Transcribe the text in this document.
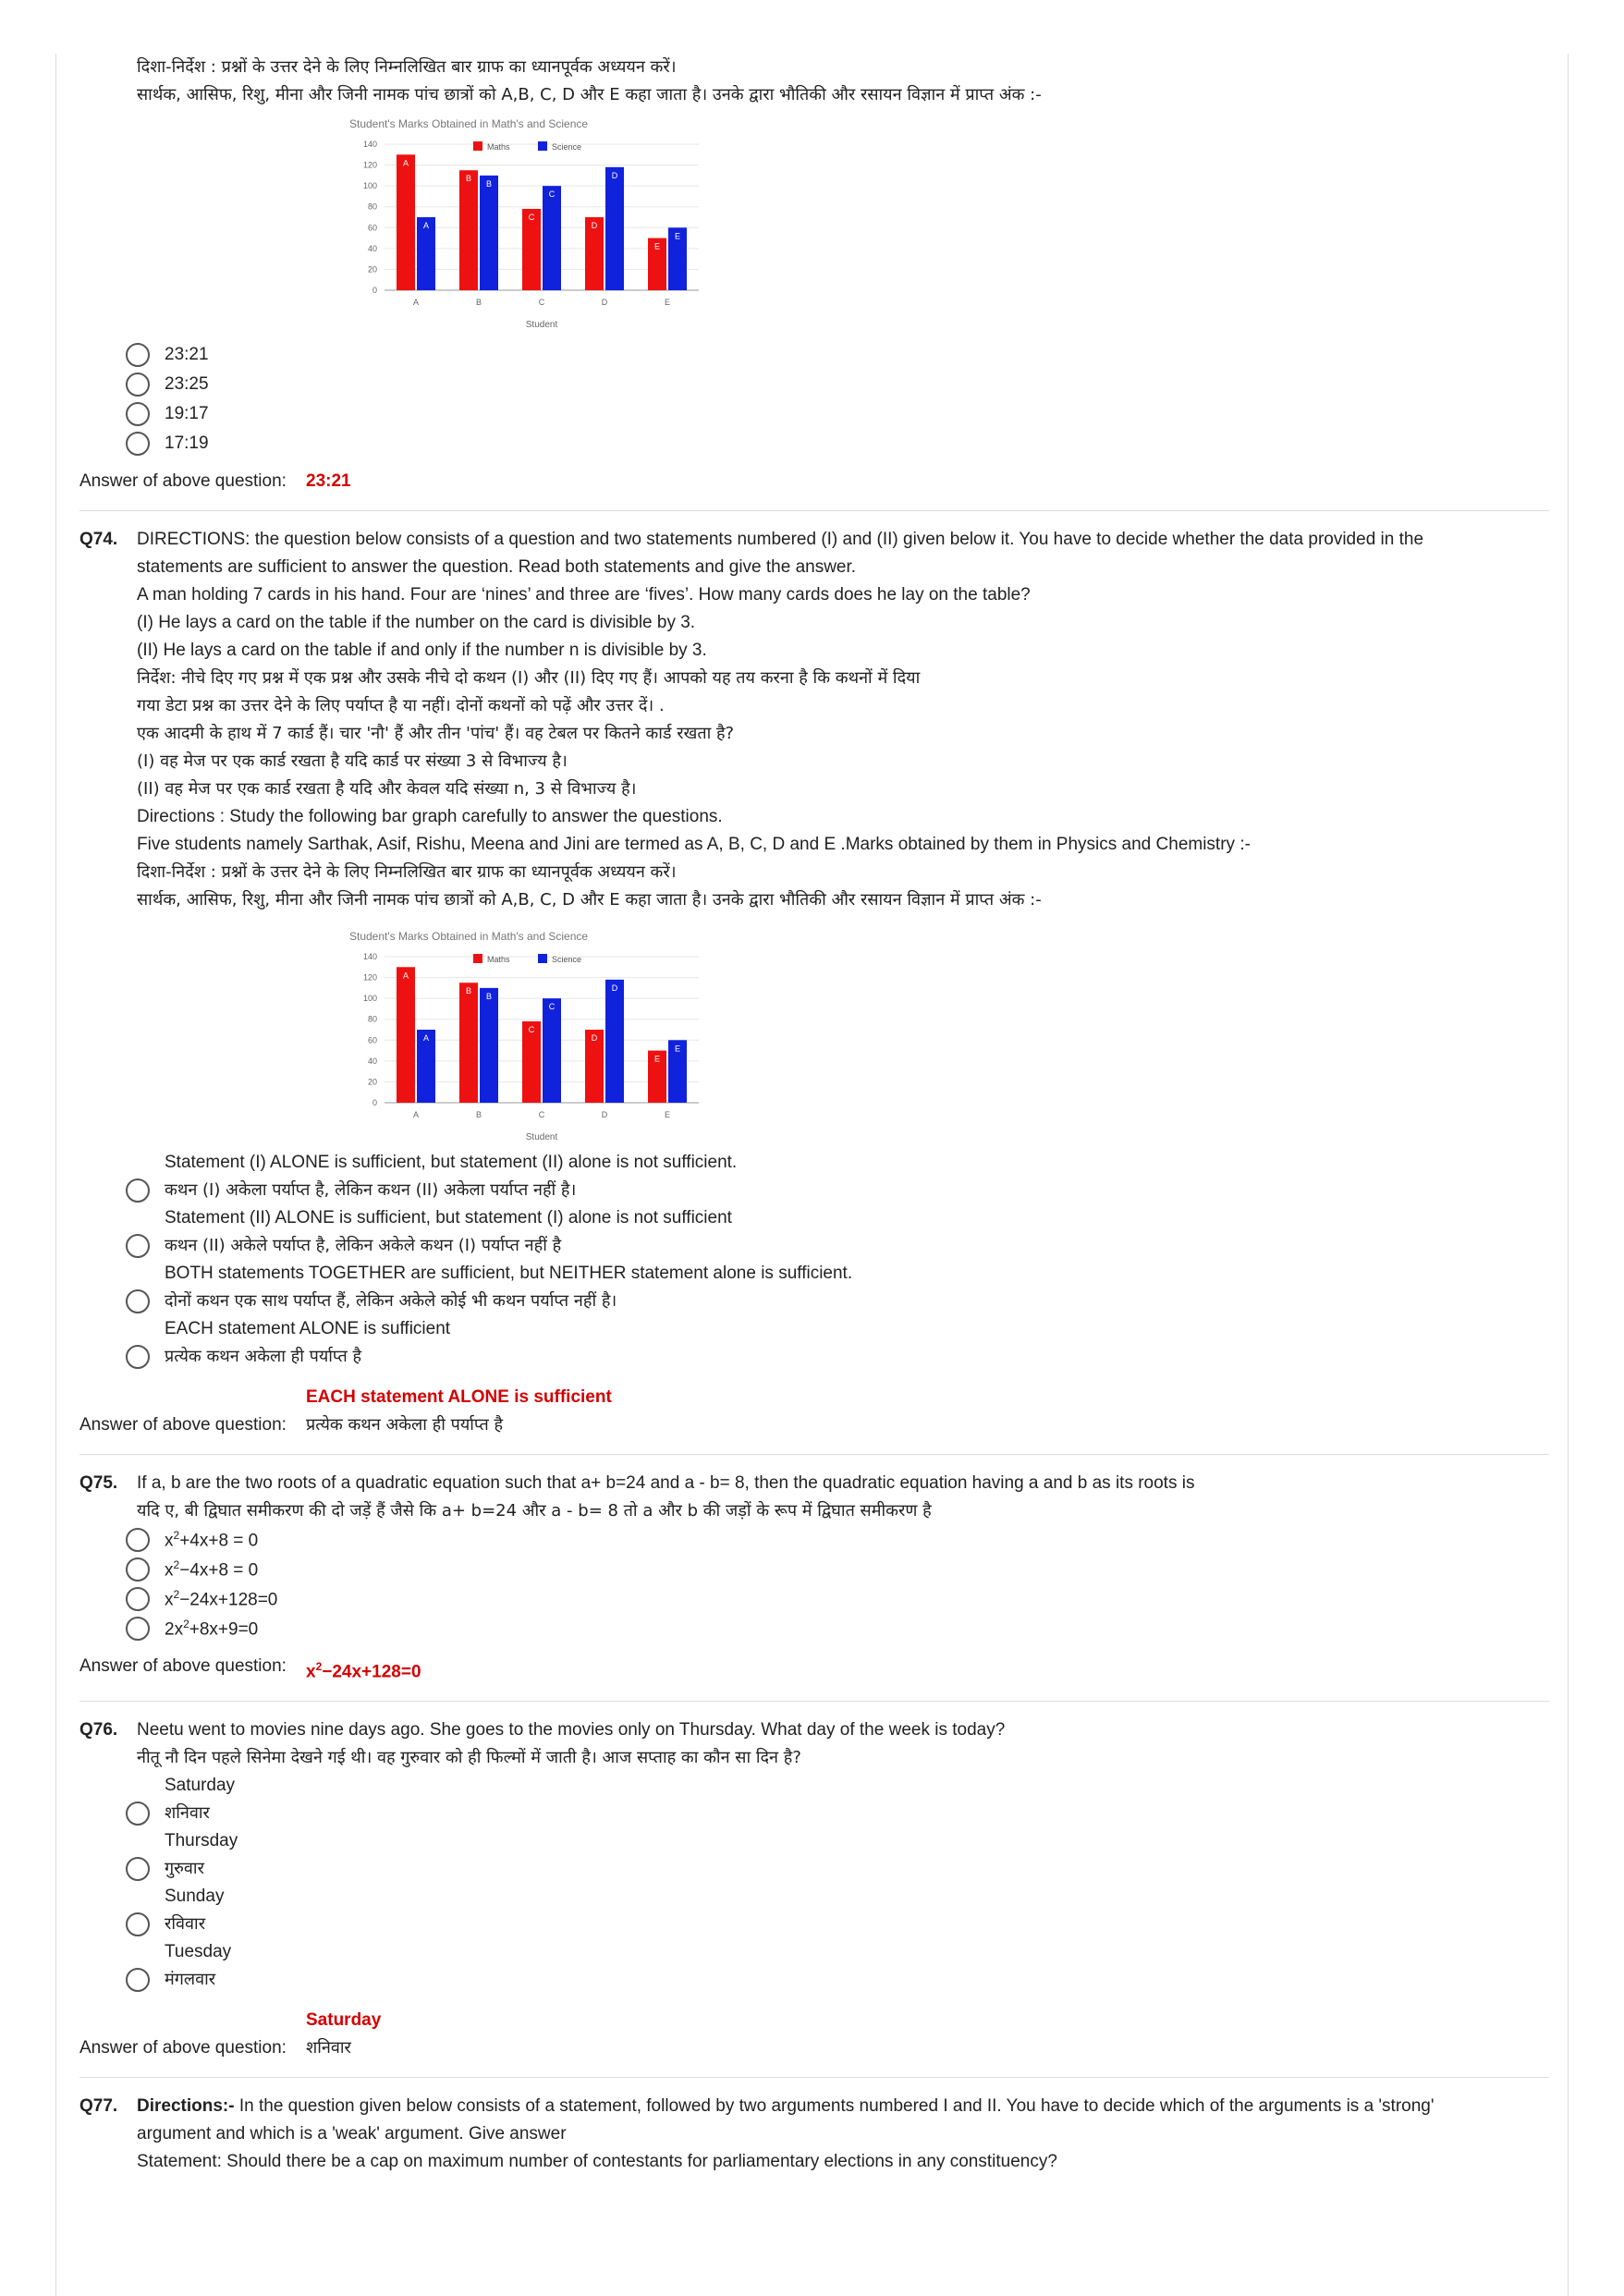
दिशा-निर्देश : प्रश्नों के उत्तर देने के लिए निम्नलिखित बार ग्राफ का ध्यानपूर्वक अध्ययन करें।
सार्थक, आसिफ, रिशु, मीना और जिनी नामक पांच छात्रों को A,B, C, D और E कहा जाता है। उनके द्वारा भौतिकी और रसायन विज्ञान में प्राप्त अंक :-
Student's Marks Obtained in Math's and Science
140
120
100
80
60
40
20
0
Maths	Science
A
A
A
B
B
B
C
C
C
D
D
D
E
E
E
Student
23:21
23:25
19:17
17:19
Answer of above question:	23:21
Q74.	DIRECTIONS: the question below consists of a question and two statements numbered (I) and (II) given below it. You have to decide whether the data provided in the
statements are sufficient to answer the question. Read both statements and give the answer.
A man holding 7 cards in his hand. Four are ‘nines’ and three are ‘fives’. How many cards does he lay on the table?
(I) He lays a card on the table if the number on the card is divisible by 3.
(II) He lays a card on the table if and only if the number n is divisible by 3.
निर्देश: नीचे दिए गए प्रश्न में एक प्रश्न और उसके नीचे दो कथन (I) और (II) दिए गए हैं। आपको यह तय करना है कि कथनों में दिया
गया डेटा प्रश्न का उत्तर देने के लिए पर्याप्त है या नहीं। दोनों कथनों को पढ़ें और उत्तर दें। .
एक आदमी के हाथ में 7 कार्ड हैं। चार 'नौ' हैं और तीन 'पांच' हैं। वह टेबल पर कितने कार्ड रखता है?
(I) वह मेज पर एक कार्ड रखता है यदि कार्ड पर संख्या 3 से विभाज्य है।
(II) वह मेज पर एक कार्ड रखता है यदि और केवल यदि संख्या n, 3 से विभाज्य है।
Directions : Study the following bar graph carefully to answer the questions.
Five students namely Sarthak, Asif, Rishu, Meena and Jini are termed as A, B, C, D and E .Marks obtained by them in Physics and Chemistry :-
दिशा-निर्देश : प्रश्नों के उत्तर देने के लिए निम्नलिखित बार ग्राफ का ध्यानपूर्वक अध्ययन करें।
सार्थक, आसिफ, रिशु, मीना और जिनी नामक पांच छात्रों को A,B, C, D और E कहा जाता है। उनके द्वारा भौतिकी और रसायन विज्ञान में प्राप्त अंक :-
Student's Marks Obtained in Math's and Science
140
120
100
80
60
40
20
0
Maths	Science
A
A
A
B
B
B
C
C
C
D
D
D
E
E
E
Student
Statement (I) ALONE is sufficient, but statement (II) alone is not sufficient.
कथन (I) अकेला पर्याप्त है, लेकिन कथन (II) अकेला पर्याप्त नहीं है।
Statement (II) ALONE is sufficient, but statement (I) alone is not sufficient
कथन (II) अकेले पर्याप्त है, लेकिन अकेले कथन (I) पर्याप्त नहीं है
BOTH statements TOGETHER are sufficient, but NEITHER statement alone is sufficient.
दोनों कथन एक साथ पर्याप्त हैं, लेकिन अकेले कोई भी कथन पर्याप्त नहीं है।
EACH statement ALONE is sufficient
प्रत्येक कथन अकेला ही पर्याप्त है
Answer of above question:
EACH statement ALONE is sufficient
प्रत्येक कथन अकेला ही पर्याप्त है
Q75.	If a, b are the two roots of a quadratic equation such that a+ b=24 and a - b= 8, then the quadratic equation having a and b as its roots is
यदि ए, बी द्विघात समीकरण की दो जड़ें हैं जैसे कि a+ b=24 और a - b= 8 तो a और b की जड़ों के रूप में द्विघात समीकरण है
$x^2+4x+8 = 0$
$x^2-4x+8 = 0$
$x^2-24x+128=0$
$2x^2+8x+9=0$
Answer of above question:	$x^2-24x+128=0$
Q76.	Neetu went to movies nine days ago. She goes to the movies only on Thursday. What day of the week is today?
नीतू नौ दिन पहले सिनेमा देखने गई थी। वह गुरुवार को ही फिल्मों में जाती है। आज सप्ताह का कौन सा दिन है?
Saturday
शनिवार
Thursday
गुरुवार
Sunday
रविवार
Tuesday
मंगलवार
Answer of above question:
Saturday
शनिवार
Q77.	Directions:- In the question given below consists of a statement, followed by two arguments numbered I and II. You have to decide which of the arguments is a 'strong'
argument and which is a 'weak' argument. Give answer
Statement: Should there be a cap on maximum number of contestants for parliamentary elections in any constituency?
